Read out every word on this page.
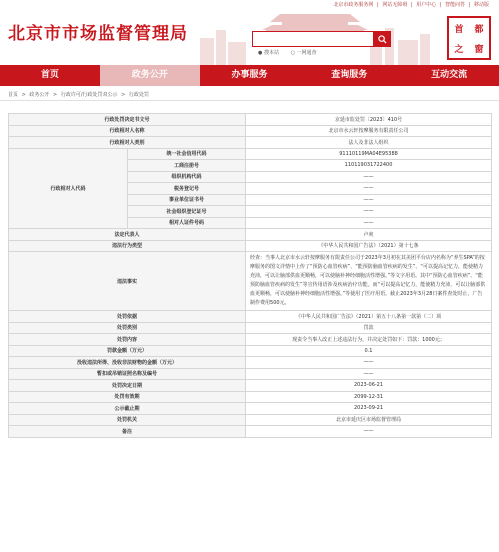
北京市政务服务网 | 网站无障碍 | 用户中心 | 智能问答 | 移动版
北京市市场监督管理局
● 搜本站 ○ 一网通查
首 都
之 窗
首页	政务公开	办事服务	查询服务	互动交流
首页 > 政务公开 > 行政许可/行政处罚双公示 > 行政处罚
行政处罚决定书文号		京延市监处罚〔2023〕410号
行政相对人名称		北京市水云轩按摩服务有限责任公司
行政相对人类别		法人及非法人组织
行政相对人代码	统一社会信用代码	91110119MA04E95388
	工商注册号	110119031722400
	组织机构代码	——
	税务登记号	——
	事业单位证书号	——
	社会组织登记证号	——
	相对人证件号码	——
法定代表人		卢爽
违法行为类型		《中华人民共和国广告法》（2021）第十七条
违法事实		经查：当事人北京市水云轩按摩服务有限责任公司于2023年3月初在其美团平台店内名称为“养生SPA”的按摩服务的图文详情中上传了“预防心血管疾病”、“能预防脑血管疾病的发生”、“可以提高记忆力，能使精力充沛，可以让脑部供血更顺畅，可以使脑补神经细胞活性增强。”等文字用语。其中“预防心血管疾病”、“能预防脑血管疾病的发生”等宣传用语涉及疾病治疗功能。而“可以提高记忆力，能使精力充沛，可以让脑部供血更顺畅，可以使脑补神经细胞活性增强。”等使用了医疗用语。截止2023年3月28日案件查处时止，广告制作费用500元。
处罚依据		《中华人民共和国广告法》（2021）第五十八条第一款第（二）项
处罚类别		罚款
处罚内容		现责令当事人改正上述违法行为，并决定处罚如下：罚款：1000元；
罚款金额（万元）		0.1
没收违法所得、没收非法财物的金额（万元）		——
暂扣或吊销证照名称及编号		——
处罚决定日期		2023-06-21
处罚有效期		2099-12-31
公示截止期		2023-09-21
处罚机关		北京市延庆区市场监督管理局
备注		——
